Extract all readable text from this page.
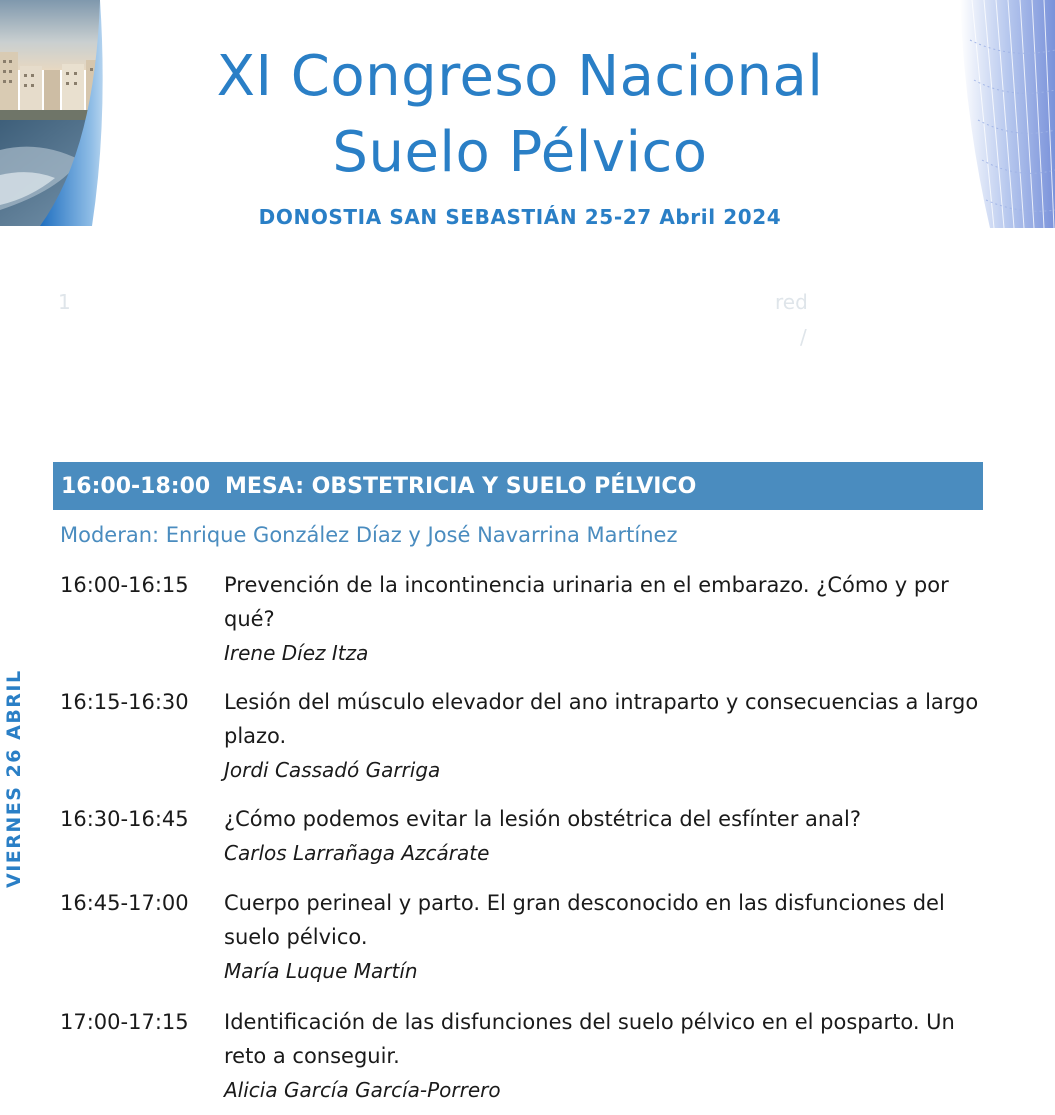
XI Congreso Nacional
Suelo Pélvico
DONOSTIA SAN SEBASTIÁN 25-27 Abril 2024
1	red
/
VIERNES 26 ABRIL
16:00-18:00 MESA: OBSTETRICIA Y SUELO PÉLVICO
Moderan: Enrique González Díaz y José Navarrina Martínez
16:00-16:15 Prevención de la incontinencia urinaria en el embarazo. ¿Cómo y por qué?
Irene Díez Itza
16:15-16:30 Lesión del músculo elevador del ano intraparto y consecuencias a largo plazo.
Jordi Cassadó Garriga
16:30-16:45 ¿Cómo podemos evitar la lesión obstétrica del esfínter anal?
Carlos Larrañaga Azcárate
16:45-17:00 Cuerpo perineal y parto. El gran desconocido en las disfunciones del suelo pélvico.
María Luque Martín
17:00-17:15 Identificación de las disfunciones del suelo pélvico en el posparto. Un reto a conseguir.
Alicia García García-Porrero
